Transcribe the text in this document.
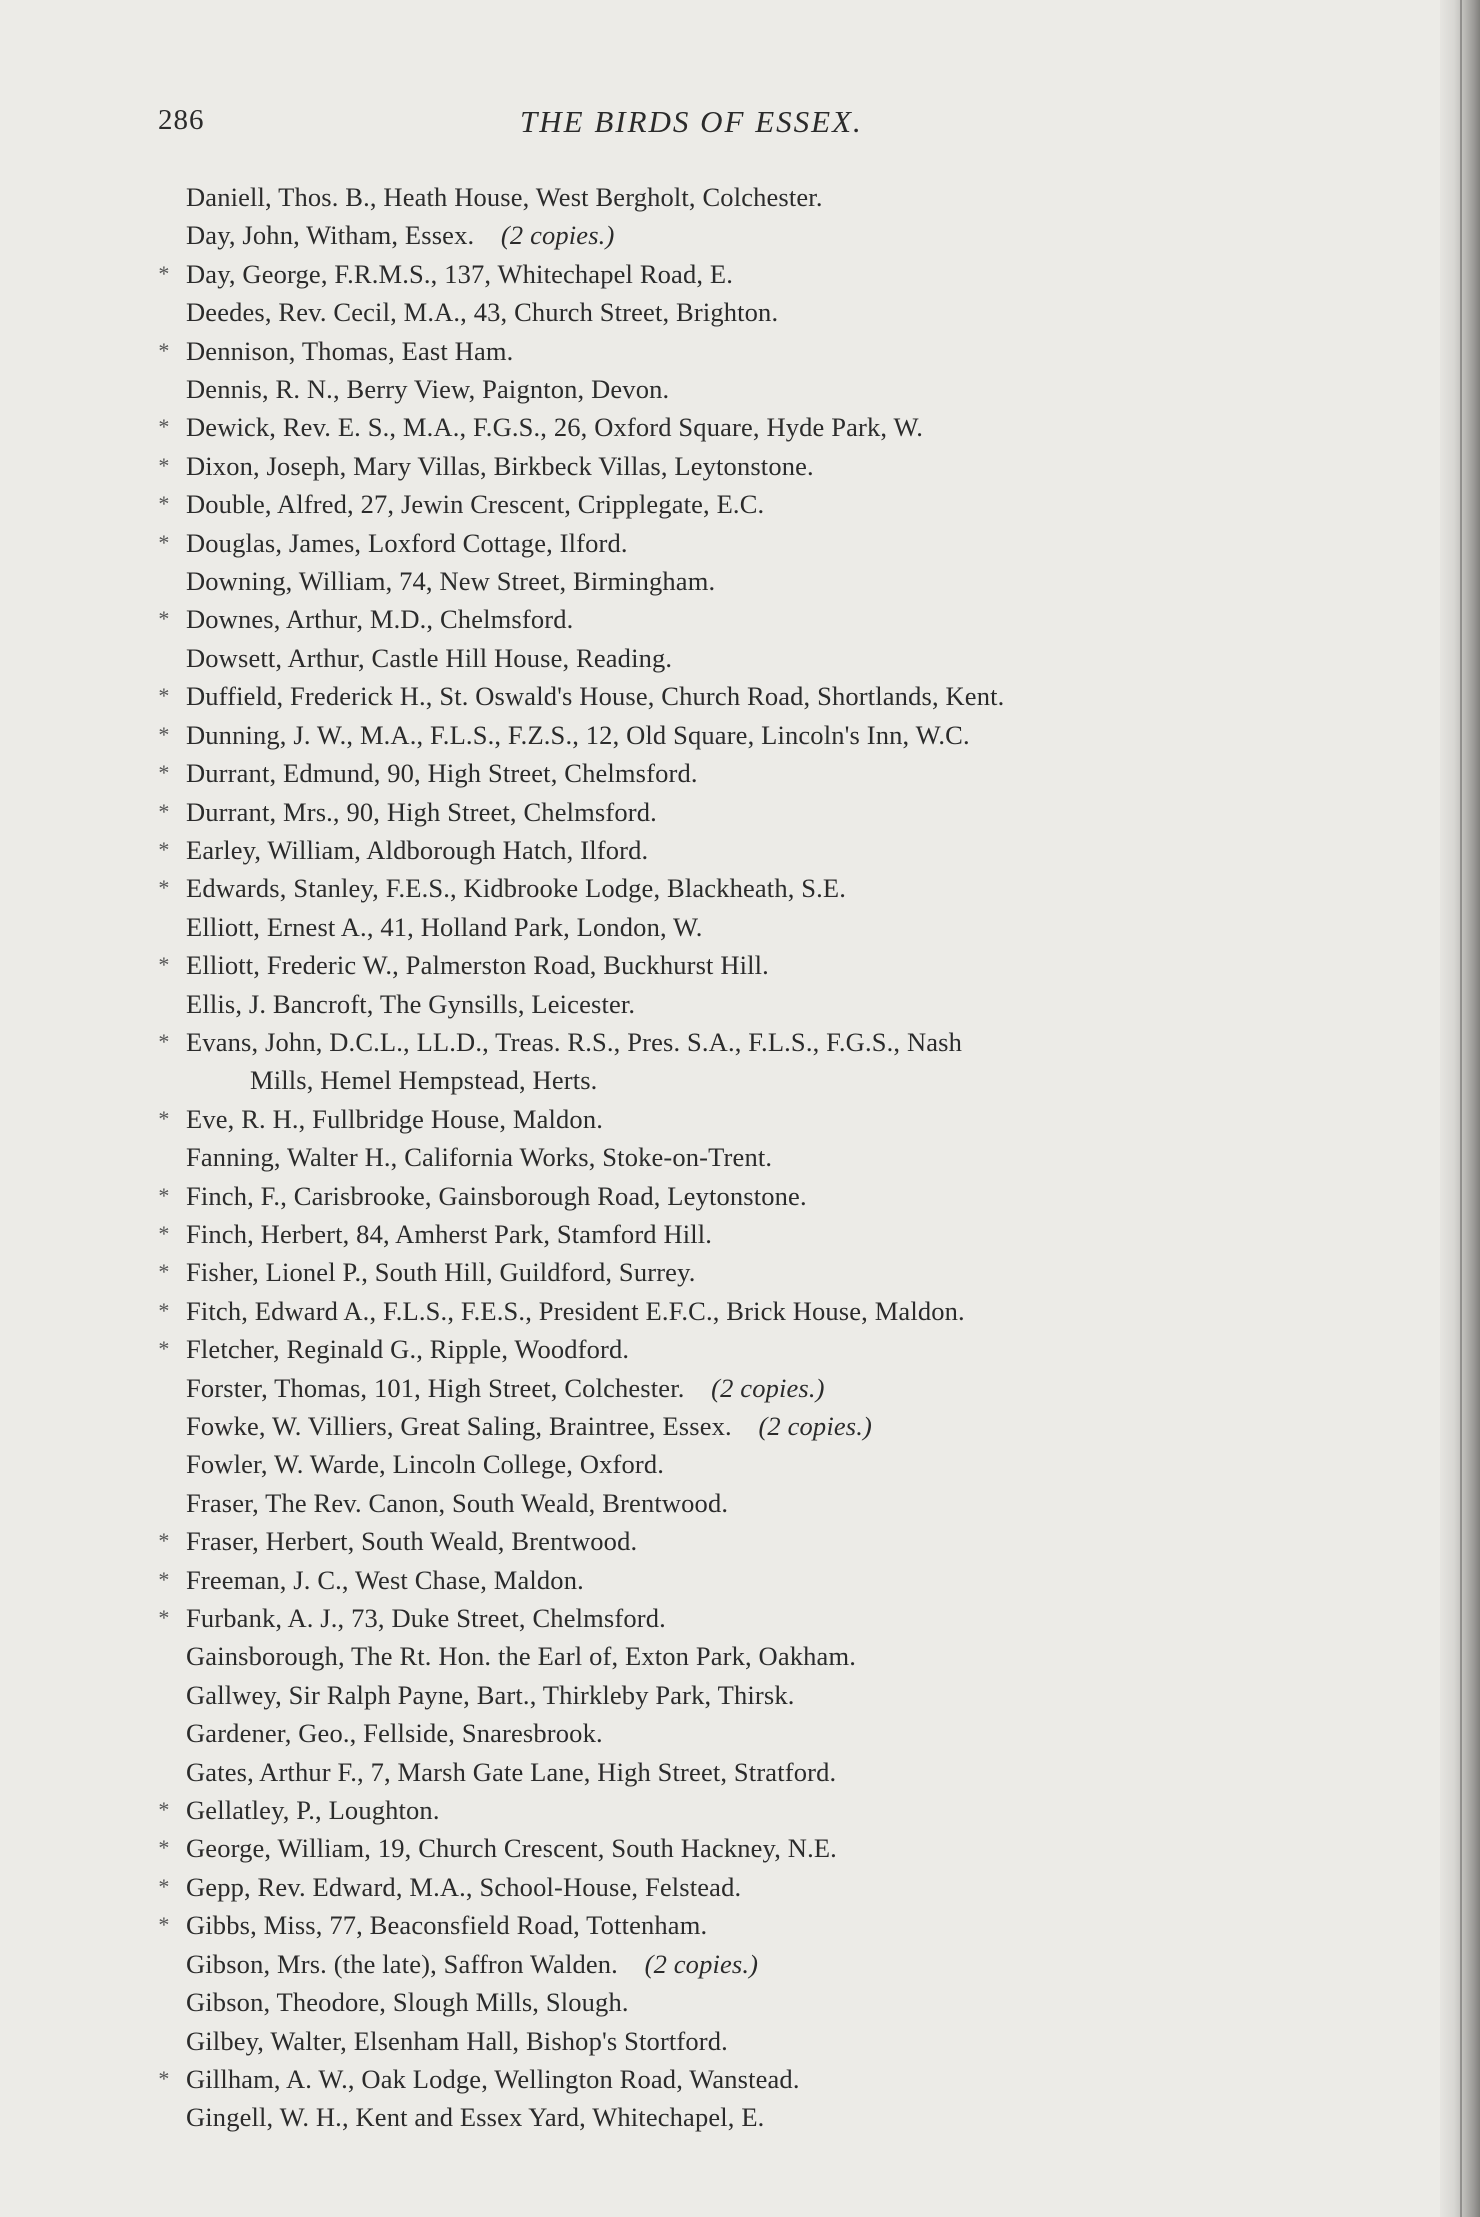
286	THE BIRDS OF ESSEX.
Daniell, Thos. B., Heath House, West Bergholt, Colchester.
Day, John, Witham, Essex.  (2 copies.)
* Day, George, F.R.M.S., 137, Whitechapel Road, E.
Deedes, Rev. Cecil, M.A., 43, Church Street, Brighton.
* Dennison, Thomas, East Ham.
Dennis, R. N., Berry View, Paignton, Devon.
* Dewick, Rev. E. S., M.A., F.G.S., 26, Oxford Square, Hyde Park, W.
* Dixon, Joseph, Mary Villas, Birkbeck Villas, Leytonstone.
* Double, Alfred, 27, Jewin Crescent, Cripplegate, E.C.
* Douglas, James, Loxford Cottage, Ilford.
Downing, William, 74, New Street, Birmingham.
* Downes, Arthur, M.D., Chelmsford.
Dowsett, Arthur, Castle Hill House, Reading.
* Duffield, Frederick H., St. Oswald's House, Church Road, Shortlands, Kent.
* Dunning, J. W., M.A., F.L.S., F.Z.S., 12, Old Square, Lincoln's Inn, W.C.
* Durrant, Edmund, 90, High Street, Chelmsford.
* Durrant, Mrs., 90, High Street, Chelmsford.
* Earley, William, Aldborough Hatch, Ilford.
* Edwards, Stanley, F.E.S., Kidbrooke Lodge, Blackheath, S.E.
Elliott, Ernest A., 41, Holland Park, London, W.
* Elliott, Frederic W., Palmerston Road, Buckhurst Hill.
Ellis, J. Bancroft, The Gynsills, Leicester.
* Evans, John, D.C.L., LL.D., Treas. R.S., Pres. S.A., F.L.S., F.G.S., Nash
Mills, Hemel Hempstead, Herts.
* Eve, R. H., Fullbridge House, Maldon.
Fanning, Walter H., California Works, Stoke-on-Trent.
* Finch, F., Carisbrooke, Gainsborough Road, Leytonstone.
* Finch, Herbert, 84, Amherst Park, Stamford Hill.
* Fisher, Lionel P., South Hill, Guildford, Surrey.
* Fitch, Edward A., F.L.S., F.E.S., President E.F.C., Brick House, Maldon.
* Fletcher, Reginald G., Ripple, Woodford.
Forster, Thomas, 101, High Street, Colchester.  (2 copies.)
Fowke, W. Villiers, Great Saling, Braintree, Essex.  (2 copies.)
Fowler, W. Warde, Lincoln College, Oxford.
Fraser, The Rev. Canon, South Weald, Brentwood.
* Fraser, Herbert, South Weald, Brentwood.
* Freeman, J. C., West Chase, Maldon.
* Furbank, A. J., 73, Duke Street, Chelmsford.
Gainsborough, The Rt. Hon. the Earl of, Exton Park, Oakham.
Gallwey, Sir Ralph Payne, Bart., Thirkleby Park, Thirsk.
Gardener, Geo., Fellside, Snaresbrook.
Gates, Arthur F., 7, Marsh Gate Lane, High Street, Stratford.
* Gellatley, P., Loughton.
* George, William, 19, Church Crescent, South Hackney, N.E.
* Gepp, Rev. Edward, M.A., School-House, Felstead.
* Gibbs, Miss, 77, Beaconsfield Road, Tottenham.
Gibson, Mrs. (the late), Saffron Walden.  (2 copies.)
Gibson, Theodore, Slough Mills, Slough.
Gilbey, Walter, Elsenham Hall, Bishop's Stortford.
* Gillham, A. W., Oak Lodge, Wellington Road, Wanstead.
Gingell, W. H., Kent and Essex Yard, Whitechapel, E.
